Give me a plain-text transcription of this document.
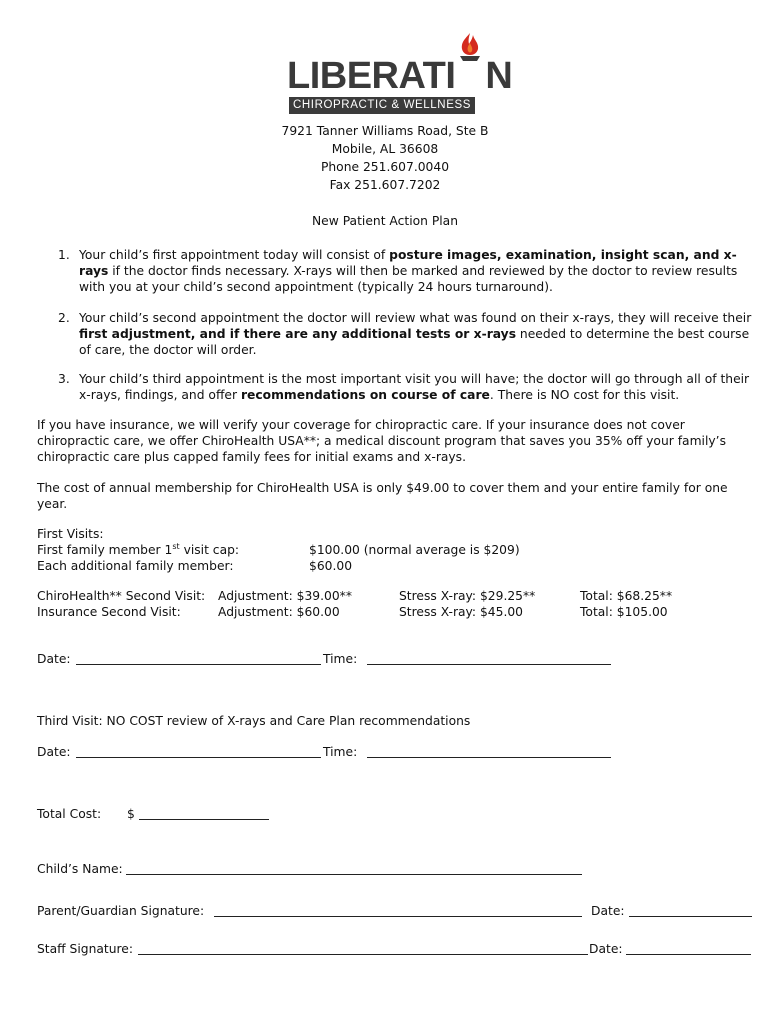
LIBERATI N
CHIROPRACTIC & WELLNESS
7921 Tanner Williams Road, Ste B
Mobile, AL 36608
Phone 251.607.0040
Fax 251.607.7202
New Patient Action Plan
1. Your child’s first appointment today will consist of posture images, examination, insight scan, and x-rays if the doctor finds necessary. X-rays will then be marked and reviewed by the doctor to review results with you at your child’s second appointment (typically 24 hours turnaround).
2. Your child’s second appointment the doctor will review what was found on their x-rays, they will receive their first adjustment, and if there are any additional tests or x-rays needed to determine the best course of care, the doctor will order.
3. Your child’s third appointment is the most important visit you will have; the doctor will go through all of their x-rays, findings, and offer recommendations on course of care. There is NO cost for this visit.
If you have insurance, we will verify your coverage for chiropractic care. If your insurance does not cover chiropractic care, we offer ChiroHealth USA**; a medical discount program that saves you 35% off your family’s chiropractic care plus capped family fees for initial exams and x-rays.
The cost of annual membership for ChiroHealth USA is only $49.00 to cover them and your entire family for one year.
First Visits:
First family member 1st visit cap:	$100.00 (normal average is $209)
Each additional family member:	$60.00
ChiroHealth** Second Visit: Adjustment: $39.00**	Stress X-ray: $29.25**	Total: $68.25**
Insurance Second Visit:	Adjustment: $60.00	Stress X-ray: $45.00	Total: $105.00
Date:	Time:
Third Visit: NO COST review of X-rays and Care Plan recommendations
Date:	Time:
Total Cost: $
Child’s Name:
Parent/Guardian Signature:	Date:
Staff Signature:	Date:
